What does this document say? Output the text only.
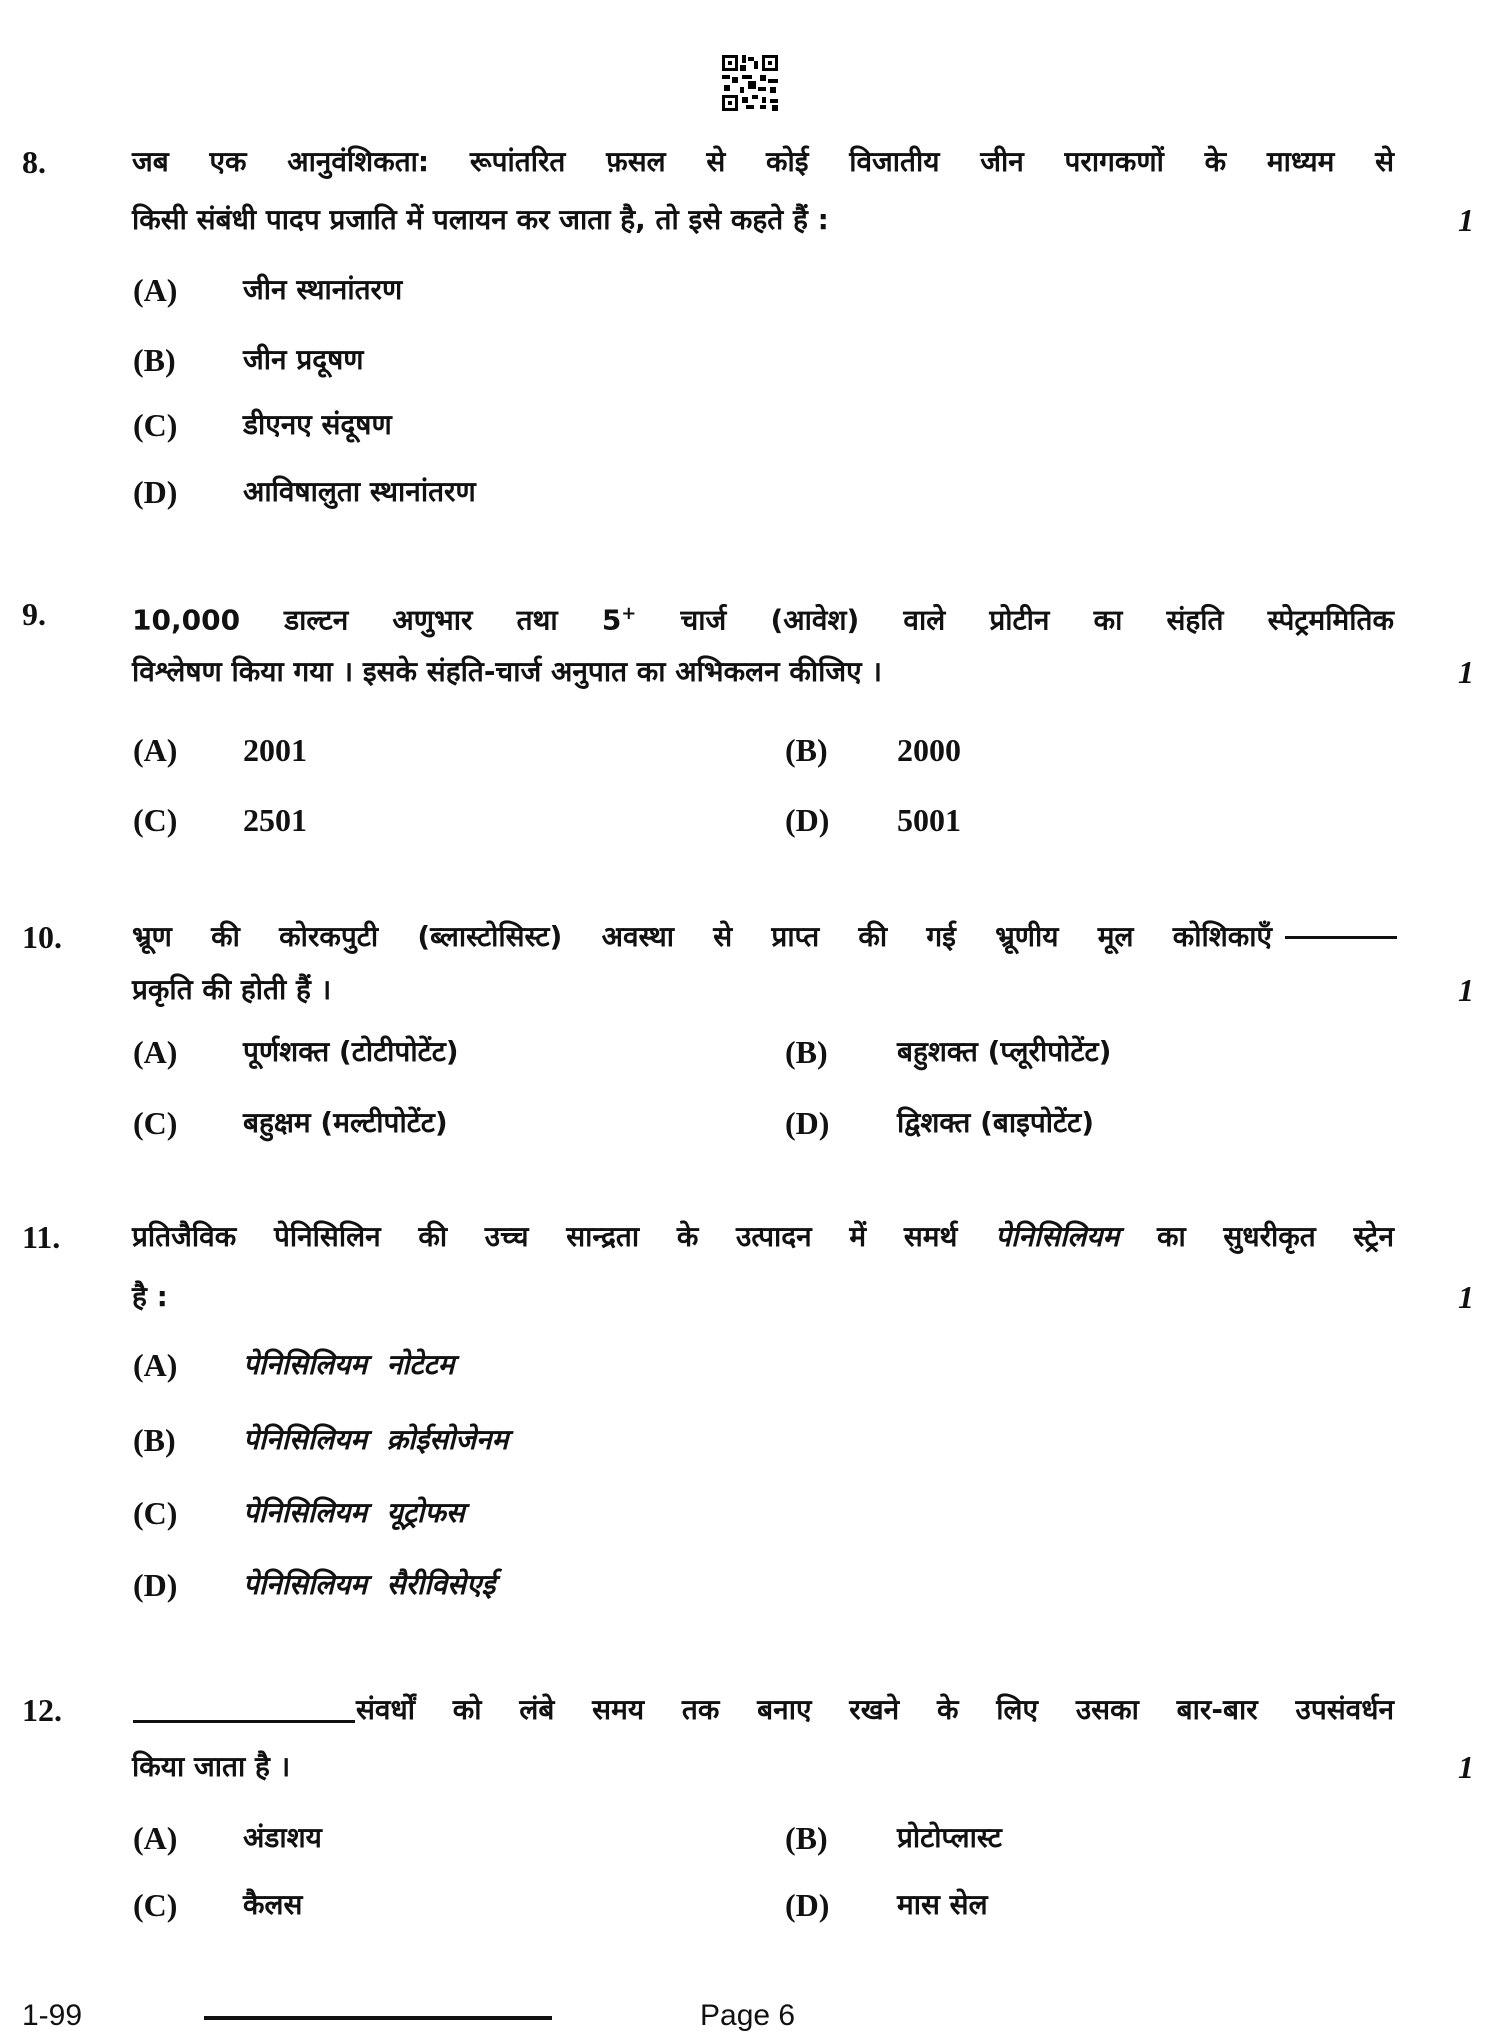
8.	जब एक आनुवंशिकता: रूपांतरित फ़सल से कोई विजातीय जीन परागकणों के माध्यम से
किसी संबंधी पादप प्रजाति में पलायन कर जाता है, तो इसे कहते हैं :	1
(A) जीन स्थानांतरण
(B) जीन प्रदूषण
(C) डीएनए संदूषण
(D) आविषालुता स्थानांतरण
9.	10,000 डाल्टन अणुभार तथा 5+ चार्ज (आवेश) वाले प्रोटीन का संहति स्पेट्रममितिक
विश्लेषण किया गया । इसके संहति-चार्ज अनुपात का अभिकलन कीजिए ।	1
(A) 2001	(B) 2000
(C) 2501	(D) 5001
10.	भ्रूण की कोरकपुटी (ब्लास्टोसिस्ट) अवस्था से प्राप्त की गई भ्रूणीय मूल कोशिकाएँ
प्रकृति की होती हैं ।	1
(A) पूर्णशक्त (टोटीपोटेंट)	(B) बहुशक्त (प्लूरीपोटेंट)
(C) बहुक्षम (मल्टीपोटेंट)	(D) द्विशक्त (बाइपोटेंट)
11.	प्रतिजैविक पेनिसिलिन की उच्च सान्द्रता के उत्पादन में समर्थ पेनिसिलियम का सुधरीकृत स्ट्रेन
है :	1
(A) पेनिसिलियम  नोटेटम
(B) पेनिसिलियम  क्रोईसोजेनम
(C) पेनिसिलियम  यूट्रोफस
(D) पेनिसिलियम  सैरीविसेएई
12.	संवर्धों को लंबे समय तक बनाए रखने के लिए उसका बार-बार उपसंवर्धन
किया जाता है ।	1
(A) अंडाशय	(B) प्रोटोप्लास्ट
(C) कैलस	(D) मास सेल
1-99	Page 6
